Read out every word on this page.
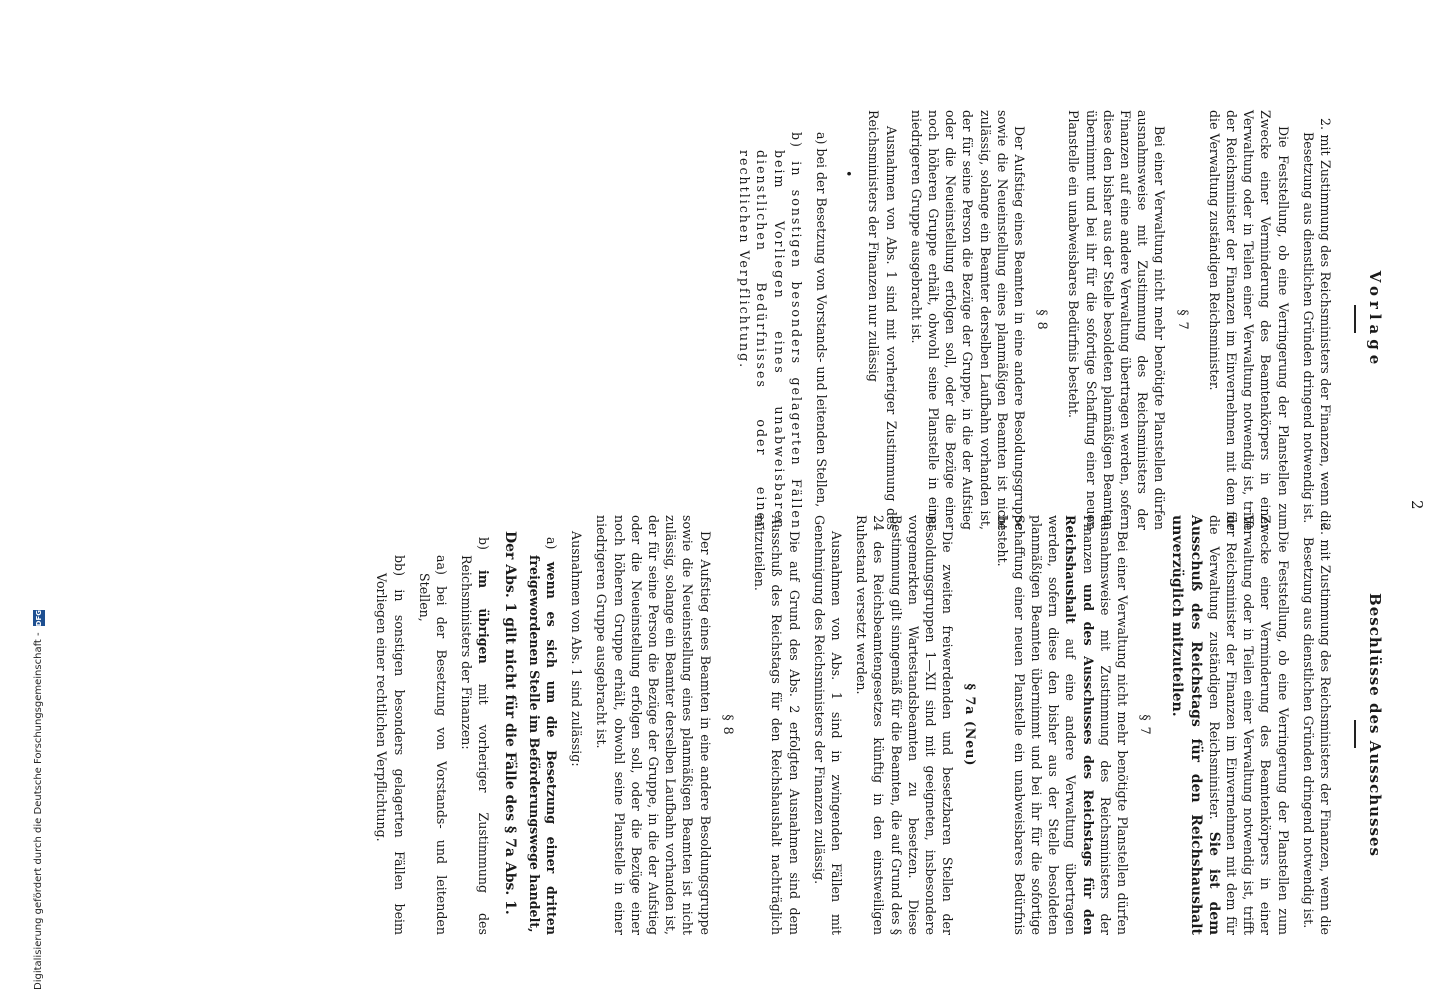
2
Vorlage

2. mit Zustimmung des Reichsministers der Finanzen, wenn die Besetzung aus dienstlichen Gründen dringend notwendig ist.

Die Feststellung, ob eine Verringerung der Planstellen zum Zwecke einer Verminderung des Beamtenkörpers in einer Verwaltung oder in Teilen einer Verwaltung notwendig ist, trifft der Reichsminister der Finanzen im Einvernehmen mit dem für die Verwaltung zuständigen Reichsminister.

§ 7

Bei einer Verwaltung nicht mehr benötigte Planstellen dürfen ausnahmsweise mit Zustimmung des Reichsministers der Finanzen auf eine andere Verwaltung übertragen werden, sofern diese den bisher aus der Stelle besoldeten planmäßigen Beamten übernimmt und bei ihr für die sofortige Schaffung einer neuen Planstelle ein unabweisbares Bedürfnis besteht.

§ 8

Der Aufstieg eines Beamten in eine andere Besoldungsgruppe sowie die Neueinstellung eines planmäßigen Beamten ist nicht zulässig, solange ein Beamter derselben Laufbahn vorhanden ist, der für seine Person die Bezüge der Gruppe, in die der Aufstieg oder die Neueinstellung erfolgen soll, oder die Bezüge einer noch höheren Gruppe erhält, obwohl seine Planstelle in einer niedrigeren Gruppe ausgebracht ist.

Ausnahmen von Abs. 1 sind mit vorheriger Zustimmung des Reichsministers der Finanzen nur zulässig

•

a) bei der Besetzung von Vorstands- und leitenden Stellen,

b) in sonstigen besonders gelagerten Fällen beim Vorliegen eines unabweisbaren dienstlichen Bedürfnisses oder einer rechtlichen Verpflichtung.

Beschlüsse des Ausschusses

2. mit Zustimmung des Reichsministers der Finanzen, wenn die Besetzung aus dienstlichen Gründen dringend notwendig ist.

Die Feststellung, ob eine Verringerung der Planstellen zum Zwecke einer Verminderung des Beamtenkörpers in einer Verwaltung oder in Teilen einer Verwaltung notwendig ist, trifft der Reichsminister der Finanzen im Einvernehmen mit dem für die Verwaltung zuständigen Reichsminister. Sie ist dem Ausschuß des Reichstags für den Reichshaushalt unverzüglich mitzuteilen.

§ 7

Bei einer Verwaltung nicht mehr benötigte Planstellen dürfen ausnahmsweise mit Zustimmung des Reichsministers der Finanzen und des Ausschusses des Reichstags für den Reichshaushalt auf eine andere Verwaltung übertragen werden, sofern diese den bisher aus der Stelle besoldeten planmäßigen Beamten übernimmt und bei ihr für die sofortige Schaffung einer neuen Planstelle ein unabweisbares Bedürfnis besteht.

§ 7a (Neu)

Die zweiten freiwerdenden und besetzbaren Stellen der Besoldungsgruppen 1—XII sind mit geeigneten, insbesondere vorgemerkten Wartestandsbeamten zu besetzen. Diese Bestimmung gilt sinngemäß für die Beamten, die auf Grund des § 24 des Reichsbeamtengesetzes künftig in den einstweiligen Ruhestand versetzt werden.

Ausnahmen von Abs. 1 sind in zwingenden Fällen mit Genehmigung des Reichsministers der Finanzen zulässig.

Die auf Grund des Abs. 2 erfolgten Ausnahmen sind dem Ausschuß des Reichstags für den Reichshaushalt nachträglich mitzuteilen.

§ 8

Der Aufstieg eines Beamten in eine andere Besoldungsgruppe sowie die Neueinstellung eines planmäßigen Beamten ist nicht zulässig, solange ein Beamter derselben Laufbahn vorhanden ist, der für seine Person die Bezüge der Gruppe, in die der Aufstieg oder die Neueinstellung erfolgen soll, oder die Bezüge einer noch höheren Gruppe erhält, obwohl seine Planstelle in einer niedrigeren Gruppe ausgebracht ist.

Ausnahmen von Abs. 1 sind zulässig:

a) wenn es sich um die Besetzung einer dritten freigewordenen Stelle im Beförderungswege handelt,

Der Abs. 1 gilt nicht für die Fälle des § 7a Abs. 1.

b) im übrigen mit vorheriger Zustimmung des Reichsministers der Finanzen:

aa) bei der Besetzung von Vorstands- und leitenden Stellen,

bb) in sonstigen besonders gelagerten Fällen beim Vorliegen einer rechtlichen Verpflichtung.

Digitalisierung gefördert durch die Deutsche Forschungsgemeinschaft -
DFG
